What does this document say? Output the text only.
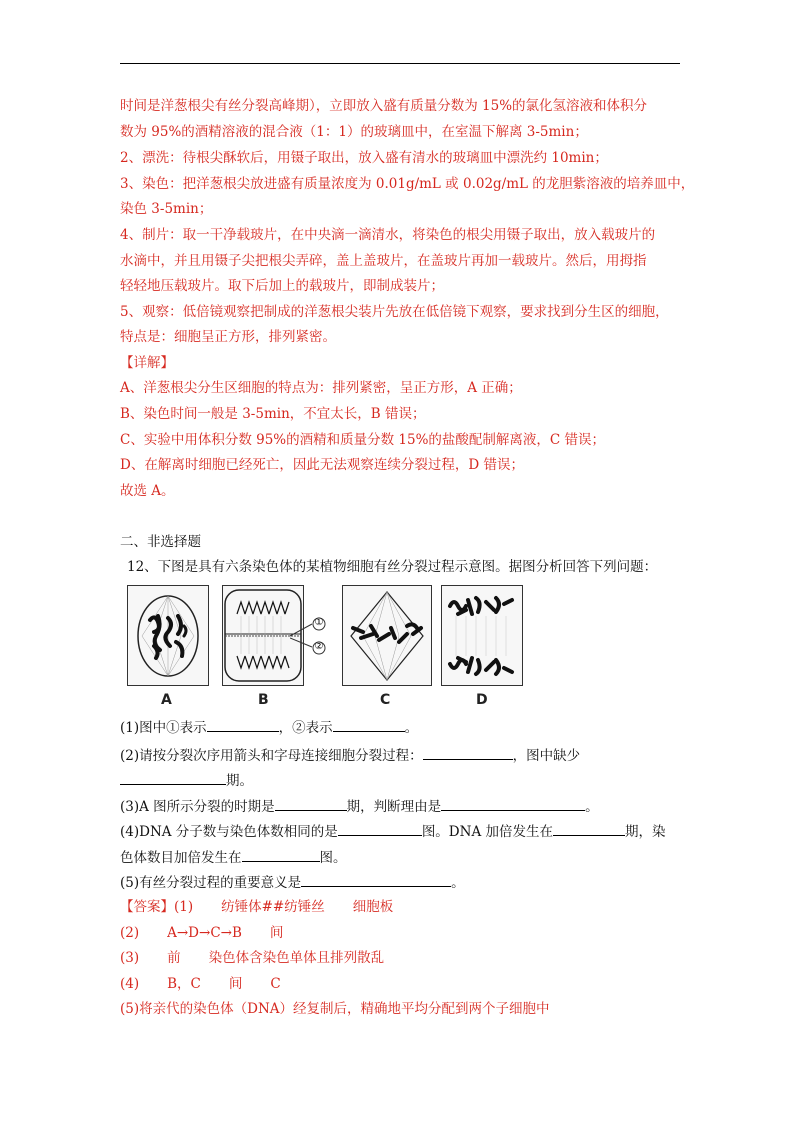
时间是洋葱根尖有丝分裂高峰期），立即放入盛有质量分数为 15%的氯化氢溶液和体积分
数为 95%的酒精溶液的混合液（1：1）的玻璃皿中，在室温下解离 3-5min；
2、漂洗：待根尖酥软后，用镊子取出，放入盛有清水的玻璃皿中漂洗约 10min；
3、染色：把洋葱根尖放进盛有质量浓度为 0.01g/mL 或 0.02g/mL 的龙胆紫溶液的培养皿中，
染色 3-5min；
4、制片：取一干净载玻片，在中央滴一滴清水，将染色的根尖用镊子取出，放入载玻片的
水滴中，并且用镊子尖把根尖弄碎，盖上盖玻片，在盖玻片再加一载玻片。然后，用拇指
轻轻地压载玻片。取下后加上的载玻片，即制成装片；
5、观察：低倍镜观察把制成的洋葱根尖装片先放在低倍镜下观察，要求找到分生区的细胞，
特点是：细胞呈正方形，排列紧密。
【详解】
A、洋葱根尖分生区细胞的特点为：排列紧密，呈正方形，A 正确；
B、染色时间一般是 3-5min，不宜太长，B 错误；
C、实验中用体积分数 95%的酒精和质量分数 15%的盐酸配制解离液，C 错误；
D、在解离时细胞已经死亡，因此无法观察连续分裂过程，D 错误；
故选 A。
二、非选择题
12、下图是具有六条染色体的某植物细胞有丝分裂过程示意图。据图分析回答下列问题：
A
①
②
B	C	D
(1)图中①表示	，②表示	。
(2)请按分裂次序用箭头和字母连接细胞分裂过程：	，图中缺少
期。
(3)A 图所示分裂的时期是	期，判断理由是	。
(4)DNA 分子数与染色体数相同的是	图。DNA 加倍发生在	期，染
色体数目加倍发生在	图。
(5)有丝分裂过程的重要意义是	。
【答案】(1) 纺锤体##纺锤丝 细胞板
(2) A→D→C→B 间
(3) 前 染色体含染色单体且排列散乱
(4) B，C 间 C
(5)将亲代的染色体（DNA）经复制后，精确地平均分配到两个子细胞中
